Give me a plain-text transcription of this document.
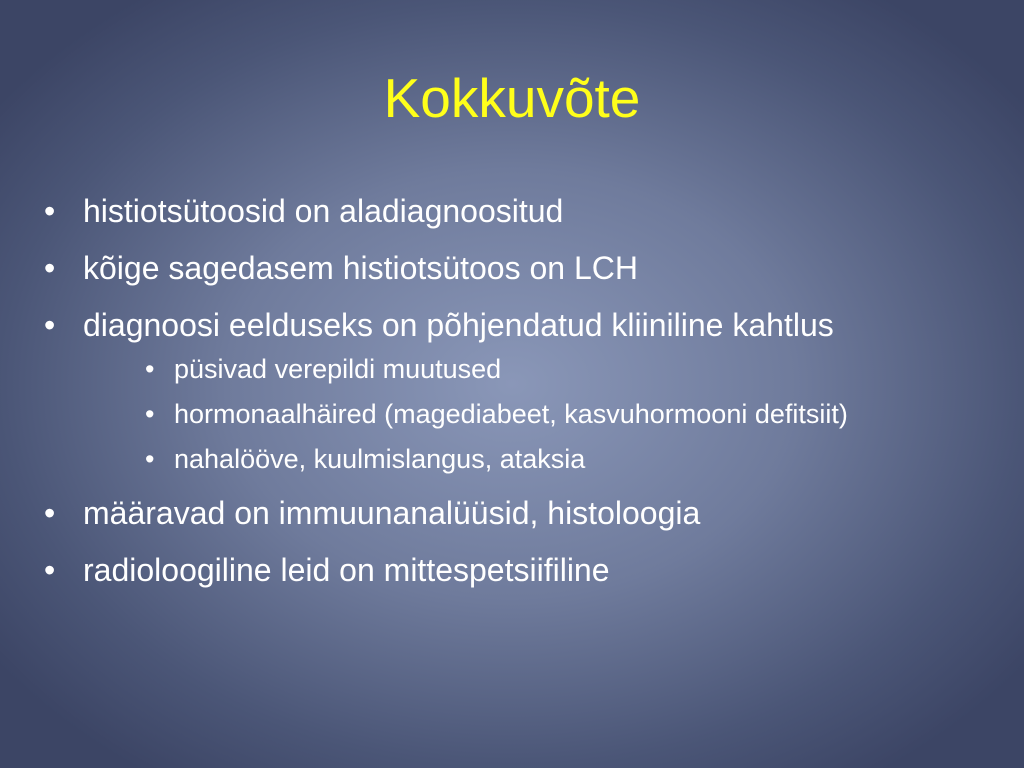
Kokkuvõte
• histiotsütoosid on aladiagnoositud
• kõige sagedasem histiotsütoos on LCH
• diagnoosi eelduseks on põhjendatud kliiniline kahtlus
• püsivad verepildi muutused
• hormonaalhäired (magediabeet, kasvuhormooni defitsiit)
• nahalööve, kuulmislangus, ataksia
• määravad on immuunanalüüsid, histoloogia
• radioloogiline leid on mittespetsiifiline
